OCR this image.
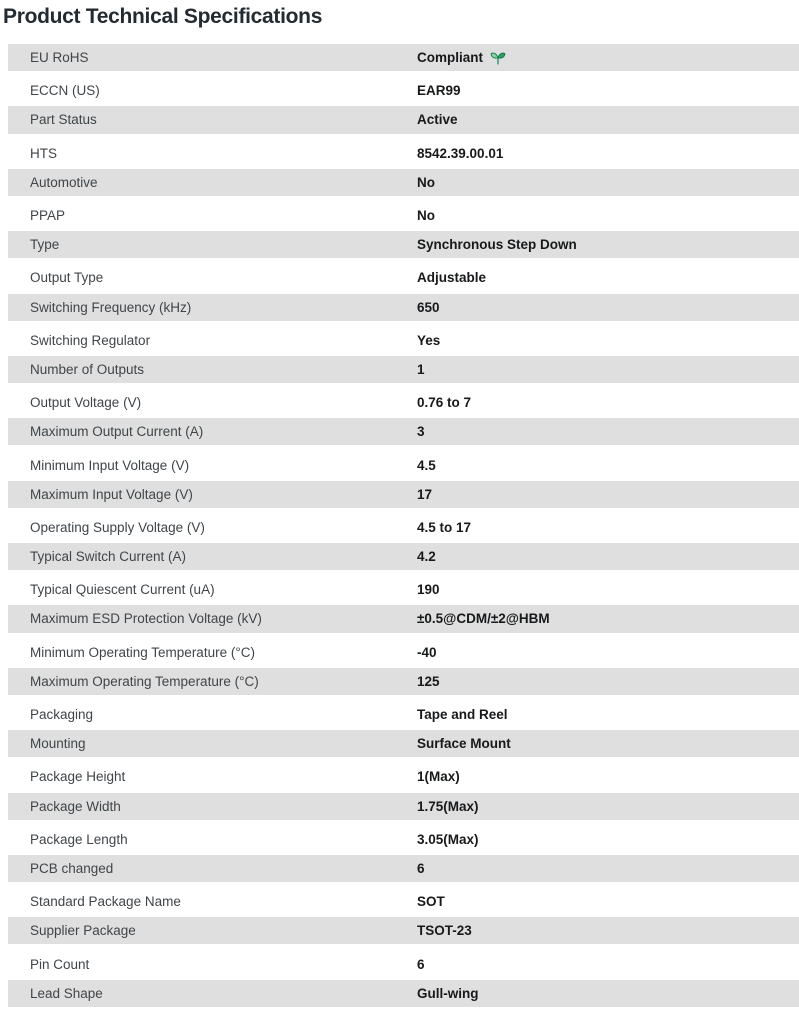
Product Technical Specifications
EU RoHS	Compliant
ECCN (US)	EAR99
Part Status	Active
HTS	8542.39.00.01
Automotive	No
PPAP	No
Type	Synchronous Step Down
Output Type	Adjustable
Switching Frequency (kHz)	650
Switching Regulator	Yes
Number of Outputs	1
Output Voltage (V)	0.76 to 7
Maximum Output Current (A)	3
Minimum Input Voltage (V)	4.5
Maximum Input Voltage (V)	17
Operating Supply Voltage (V)	4.5 to 17
Typical Switch Current (A)	4.2
Typical Quiescent Current (uA)	190
Maximum ESD Protection Voltage (kV)	±0.5@CDM/±2@HBM
Minimum Operating Temperature (°C)	-40
Maximum Operating Temperature (°C)	125
Packaging	Tape and Reel
Mounting	Surface Mount
Package Height	1(Max)
Package Width	1.75(Max)
Package Length	3.05(Max)
PCB changed	6
Standard Package Name	SOT
Supplier Package	TSOT-23
Pin Count	6
Lead Shape	Gull-wing
